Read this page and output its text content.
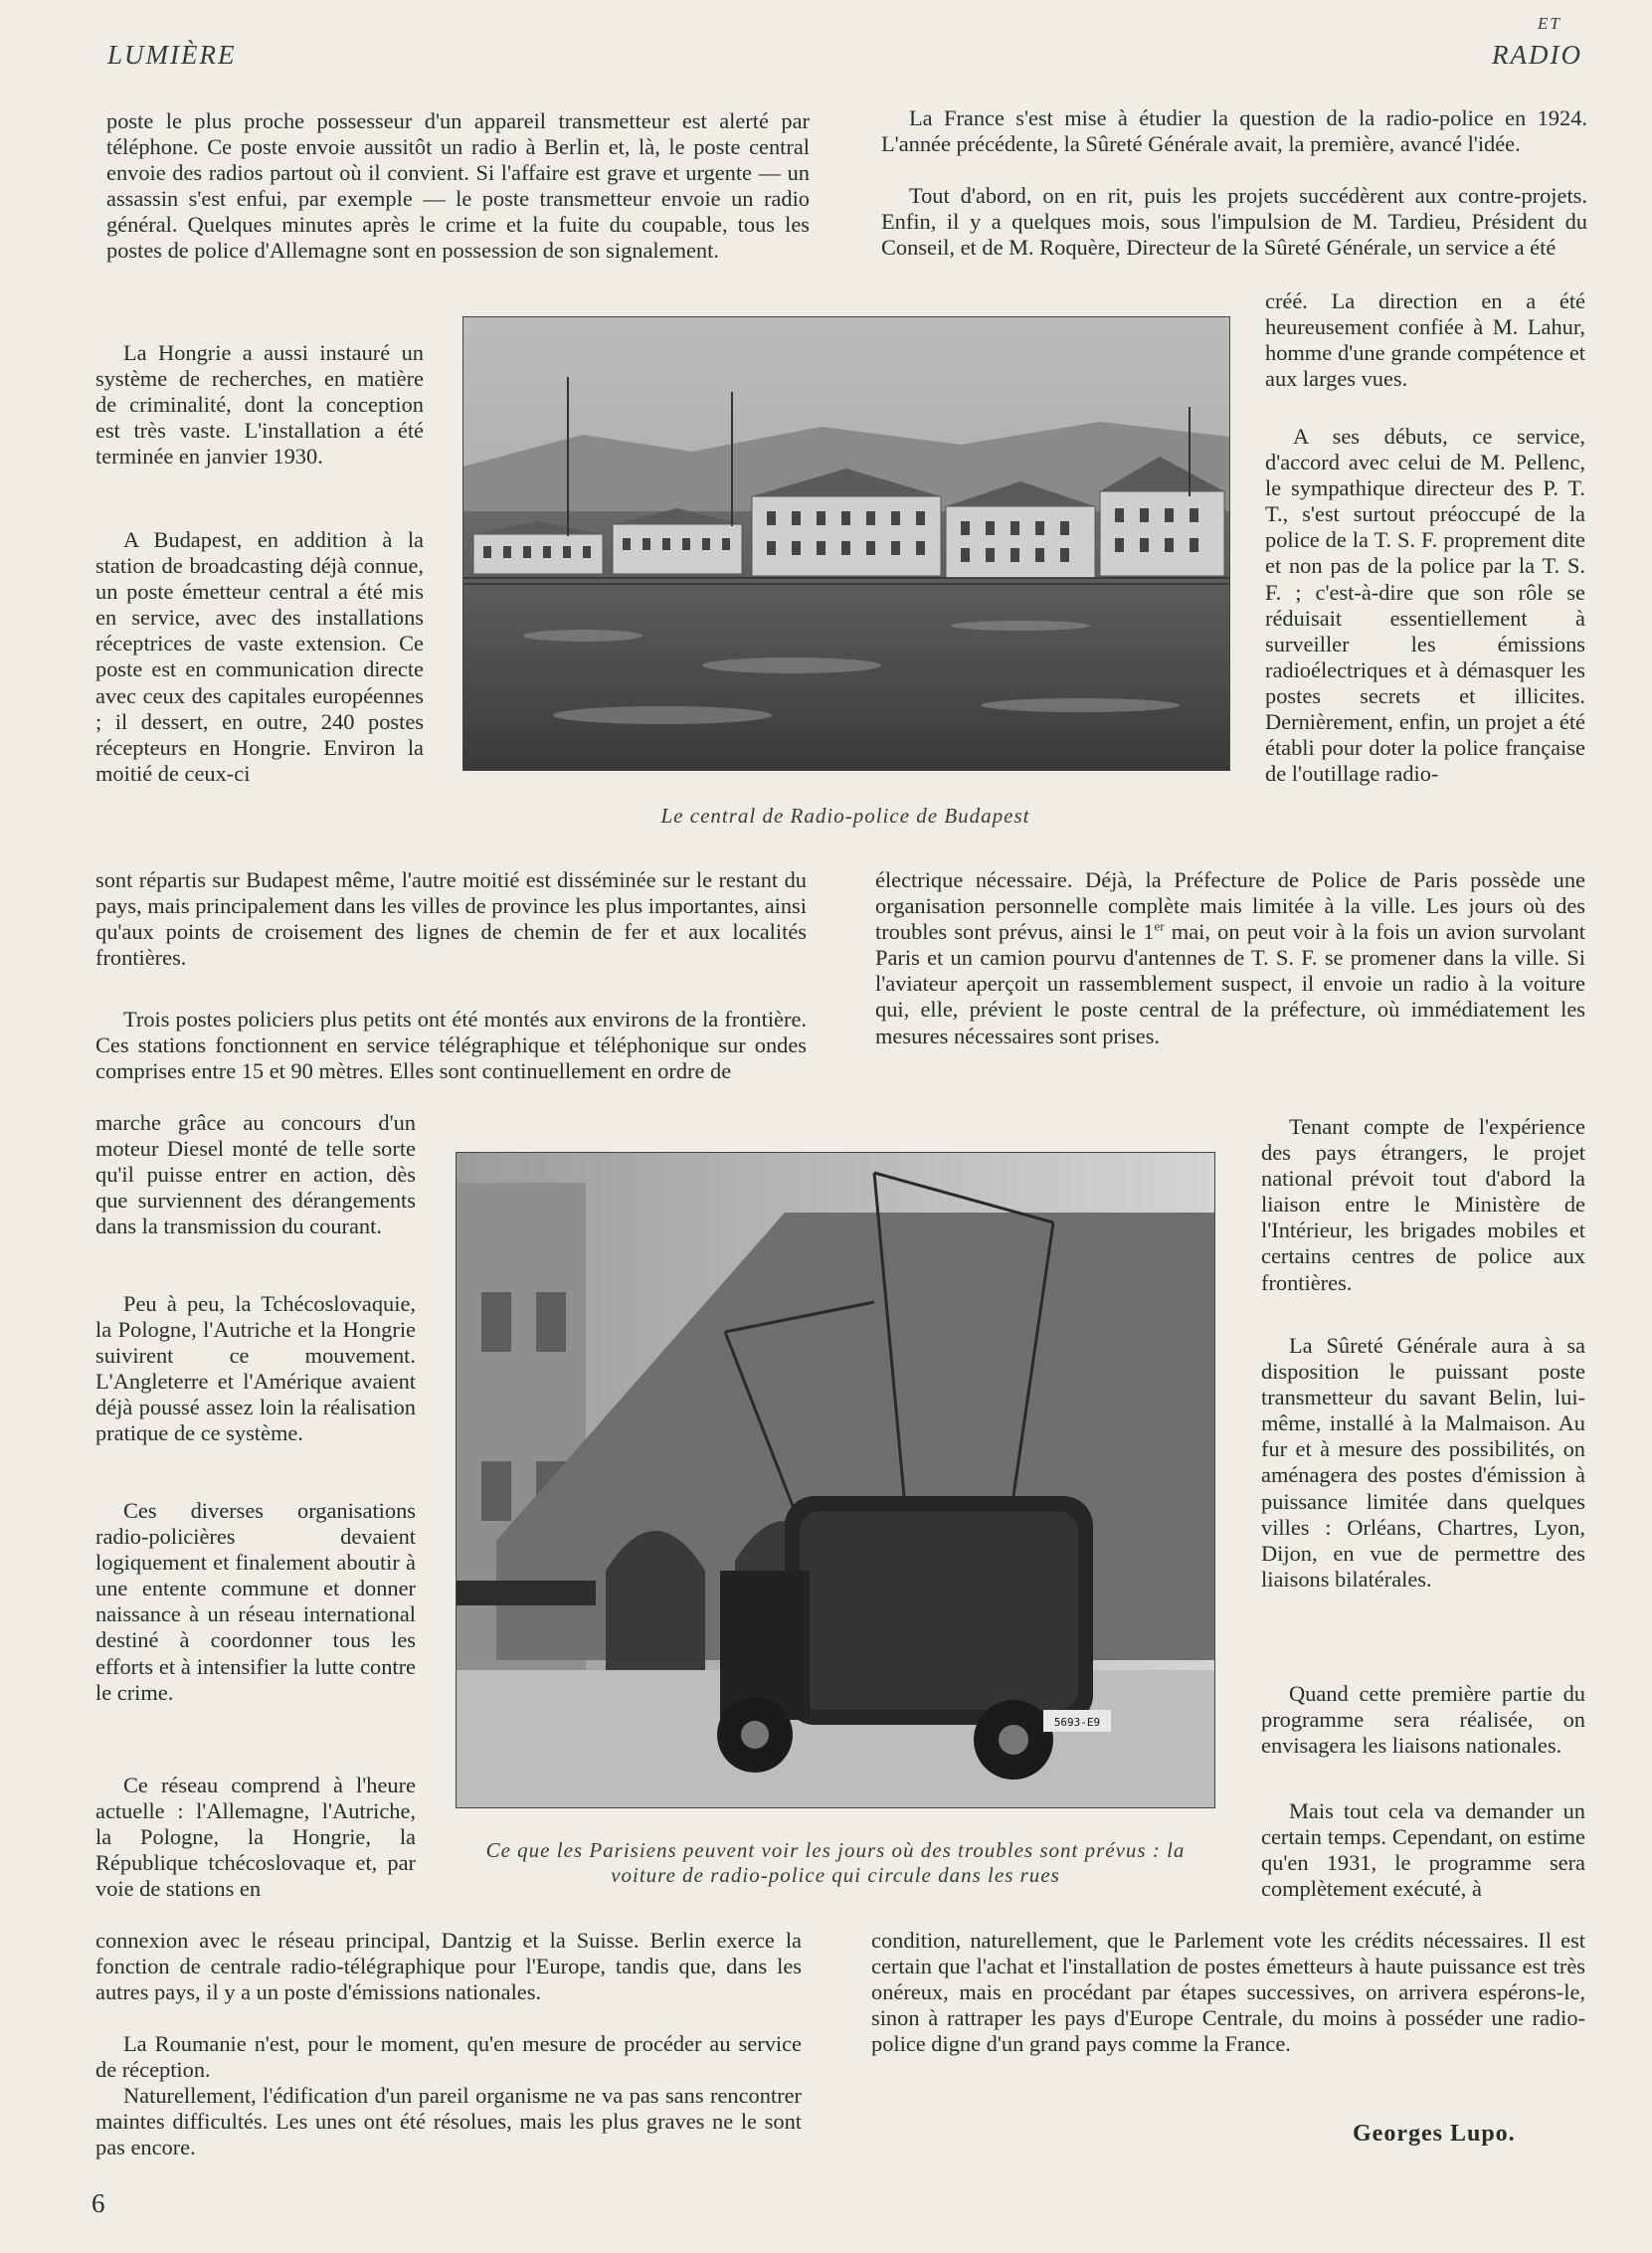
LUMIÈRE
ET
RADIO

poste le plus proche possesseur d'un appareil transmetteur est alerté par téléphone. Ce poste envoie aussitôt un radio à Berlin et, là, le poste central envoie des radios partout où il convient. Si l'affaire est grave et urgente — un assassin s'est enfui, par exemple — le poste transmetteur envoie un radio général. Quelques minutes après le crime et la fuite du coupable, tous les postes de police d'Allemagne sont en possession de son signalement.

La Hongrie a aussi instauré un système de recherches, en matière de criminalité, dont la conception est très vaste. L'installation a été terminée en janvier 1930.

A Budapest, en addition à la station de broadcasting déjà connue, un poste émetteur central a été mis en service, avec des installations réceptrices de vaste extension. Ce poste est en communication directe avec ceux des capitales européennes ; il dessert, en outre, 240 postes récepteurs en Hongrie. Environ la moitié de ceux-ci

sont répartis sur Budapest même, l'autre moitié est disséminée sur le restant du pays, mais principalement dans les villes de province les plus importantes, ainsi qu'aux points de croisement des lignes de chemin de fer et aux localités frontières.

Trois postes policiers plus petits ont été montés aux environs de la frontière. Ces stations fonctionnent en service télégraphique et téléphonique sur ondes comprises entre 15 et 90 mètres. Elles sont continuellement en ordre de

marche grâce au concours d'un moteur Diesel monté de telle sorte qu'il puisse entrer en action, dès que surviennent des dérangements dans la transmission du courant.

Peu à peu, la Tchécoslovaquie, la Pologne, l'Autriche et la Hongrie suivirent ce mouvement. L'Angleterre et l'Amérique avaient déjà poussé assez loin la réalisation pratique de ce système.

Ces diverses organisations radio-policières devaient logiquement et finalement aboutir à une entente commune et donner naissance à un réseau international destiné à coordonner tous les efforts et à intensifier la lutte contre le crime.

Ce réseau comprend à l'heure actuelle : l'Allemagne, l'Autriche, la Pologne, la Hongrie, la République tchécoslovaque et, par voie de stations en

connexion avec le réseau principal, Dantzig et la Suisse. Berlin exerce la fonction de centrale radio-télégraphique pour l'Europe, tandis que, dans les autres pays, il y a un poste d'émissions nationales.

La Roumanie n'est, pour le moment, qu'en mesure de procéder au service de réception.

Naturellement, l'édification d'un pareil organisme ne va pas sans rencontrer maintes difficultés. Les unes ont été résolues, mais les plus graves ne le sont pas encore.

La France s'est mise à étudier la question de la radio-police en 1924. L'année précédente, la Sûreté Générale avait, la première, avancé l'idée.

Tout d'abord, on en rit, puis les projets succédèrent aux contre-projets. Enfin, il y a quelques mois, sous l'impulsion de M. Tardieu, Président du Conseil, et de M. Roquère, Directeur de la Sûreté Générale, un service a été

créé. La direction en a été heureusement confiée à M. Lahur, homme d'une grande compétence et aux larges vues.

A ses débuts, ce service, d'accord avec celui de M. Pellenc, le sympathique directeur des P. T. T., s'est surtout préoccupé de la police de la T. S. F. proprement dite et non pas de la police par la T. S. F. ; c'est-à-dire que son rôle se réduisait essentiellement à surveiller les émissions radioélectriques et à démasquer les postes secrets et illicites. Dernièrement, enfin, un projet a été établi pour doter la police française de l'outillage radio-

électrique nécessaire. Déjà, la Préfecture de Police de Paris possède une organisation personnelle complète mais limitée à la ville. Les jours où des troubles sont prévus, ainsi le 1er mai, on peut voir à la fois un avion survolant Paris et un camion pourvu d'antennes de T. S. F. se promener dans la ville. Si l'aviateur aperçoit un rassemblement suspect, il envoie un radio à la voiture qui, elle, prévient le poste central de la préfecture, où immédiatement les mesures nécessaires sont prises.

Tenant compte de l'expérience des pays étrangers, le projet national prévoit tout d'abord la liaison entre le Ministère de l'Intérieur, les brigades mobiles et certains centres de police aux frontières.

La Sûreté Générale aura à sa disposition le puissant poste transmetteur du savant Belin, lui-même, installé à la Malmaison. Au fur et à mesure des possibilités, on aménagera des postes d'émission à puissance limitée dans quelques villes : Orléans, Chartres, Lyon, Dijon, en vue de permettre des liaisons bilatérales.

Quand cette première partie du programme sera réalisée, on envisagera les liaisons nationales.

Mais tout cela va demander un certain temps. Cependant, on estime qu'en 1931, le programme sera complètement exécuté, à

condition, naturellement, que le Parlement vote les crédits nécessaires. Il est certain que l'achat et l'installation de postes émetteurs à haute puissance est très onéreux, mais en procédant par étapes successives, on arrivera espérons-le, sinon à rattraper les pays d'Europe Centrale, du moins à posséder une radio-police digne d'un grand pays comme la France.

Le central de Radio-police de Budapest
5693-E9
Ce que les Parisiens peuvent voir les jours où des troubles sont prévus : la voiture de radio-police qui circule dans les rues
Georges Lupo.
6
